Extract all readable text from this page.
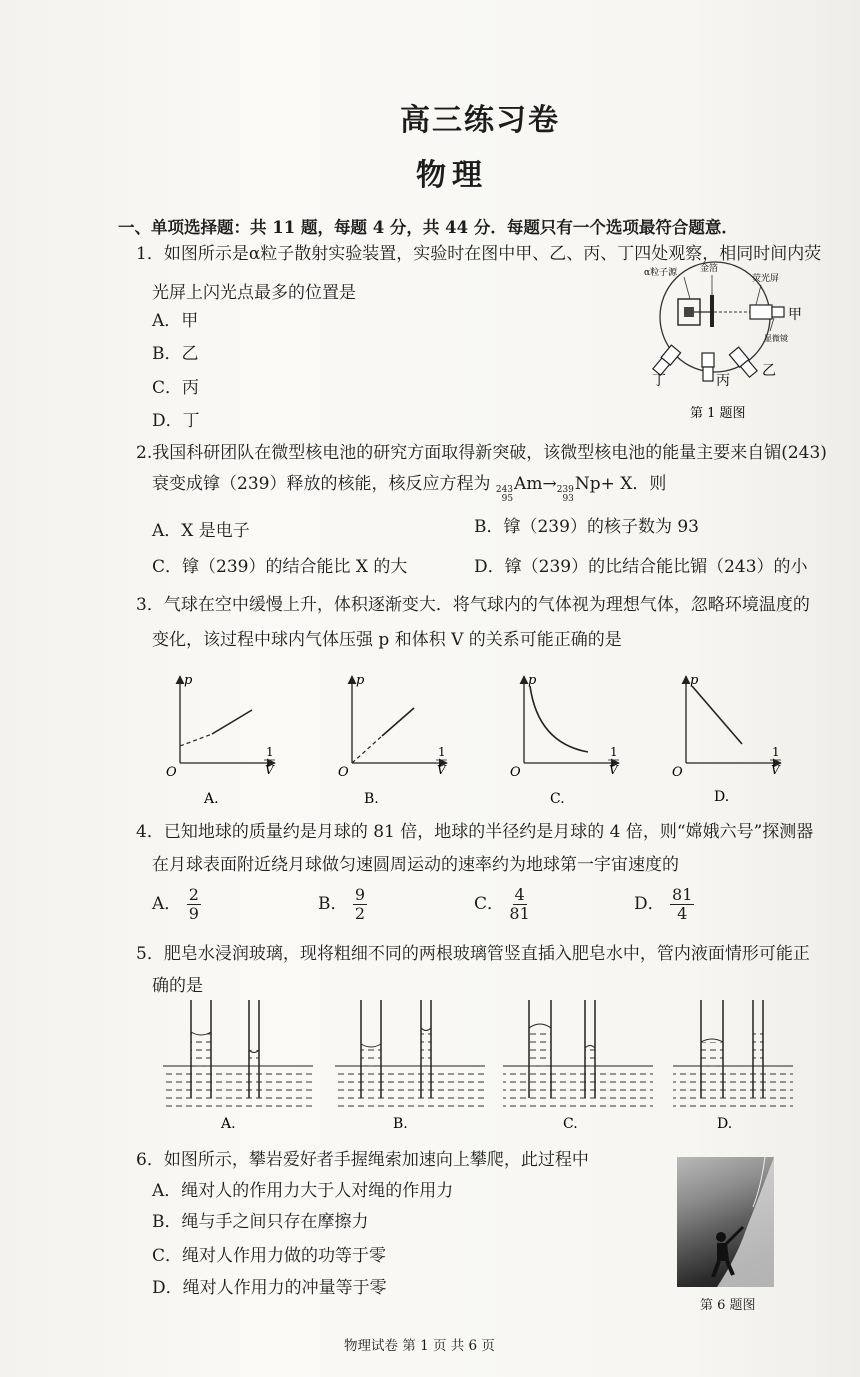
高三练习卷
物理
一、单项选择题：共 11 题，每题 4 分，共 44 分．每题只有一个选项最符合题意．
1．如图所示是α粒子散射实验装置，实验时在图中甲、乙、丙、丁四处观察，相同时间内荧
光屏上闪光点最多的位置是
A．甲
B．乙
C．丙
D．丁
α粒子源	金箔
荧光屏
甲
显微镜
乙
丙
丁
第 1 题图
2.我国科研团队在微型核电池的研究方面取得新突破，该微型核电池的能量主要来自镅(243)
衰变成镎（239）释放的核能，核反应方程为 243
95
Am→ 239
93
Np+ X．则
A．X 是电子	B．镎（239）的核子数为 93
C．镎（239）的结合能比 X 的大	D．镎（239）的比结合能比镅（243）的小
3．气球在空中缓慢上升，体积逐渐变大．将气球内的气体视为理想气体，忽略环境温度的
变化，该过程中球内气体压强 p 和体积 V 的关系可能正确的是
p
O
1
V
A.
p
O
1
V
B.
p
O
1
V
C.
p
O
1
V
D.
4．已知地球的质量约是月球的 81 倍，地球的半径约是月球的 4 倍，则“嫦娥六号”探测器
在月球表面附近绕月球做匀速圆周运动的速率约为地球第一宇宙速度的
A． $\frac{2}{9}$	B． $\frac{9}{2}$	C． $\frac{4}{81}$	D． $\frac{81}{4}$
5．肥皂水浸润玻璃，现将粗细不同的两根玻璃管竖直插入肥皂水中，管内液面情形可能正
确的是
A.	B.	C.	D.
6．如图所示，攀岩爱好者手握绳索加速向上攀爬，此过程中
A．绳对人的作用力大于人对绳的作用力
B．绳与手之间只存在摩擦力
C．绳对人作用力做的功等于零
D．绳对人作用力的冲量等于零
第 6 题图
物理试卷 第 1 页 共 6 页
